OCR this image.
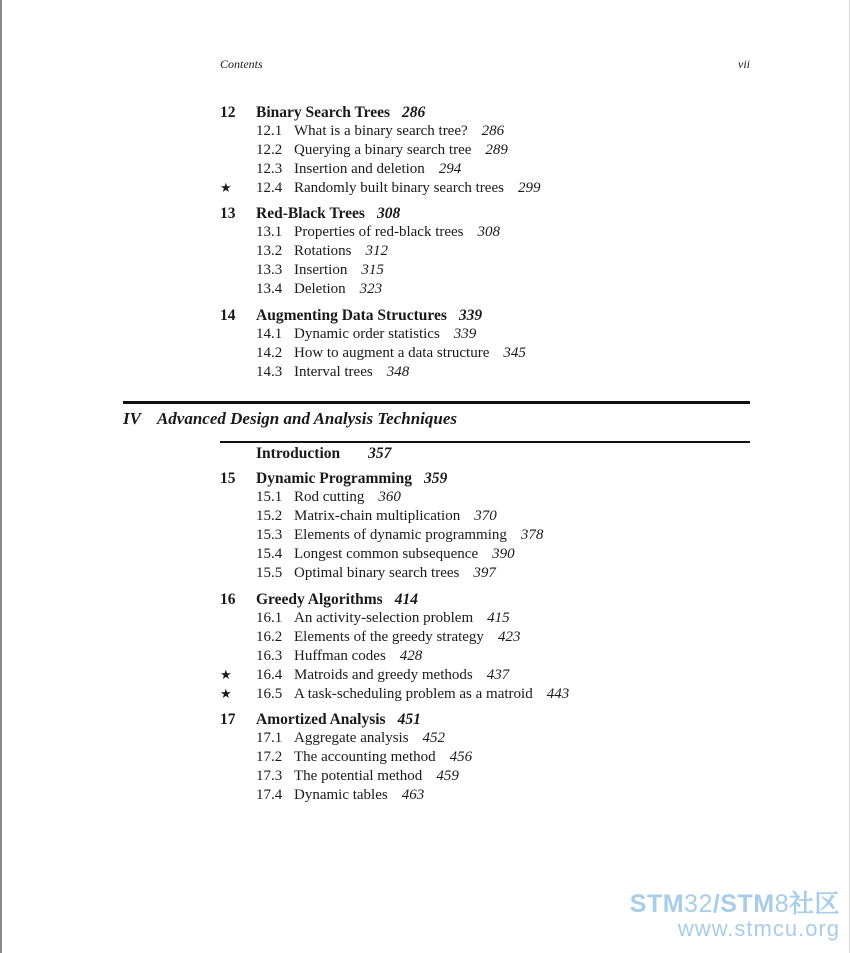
Contents	vii
12 Binary Search Trees 286
12.1 What is a binary search tree? 286
12.2 Querying a binary search tree 289
12.3 Insertion and deletion 294
★ 12.4 Randomly built binary search trees 299
13 Red-Black Trees 308
13.1 Properties of red-black trees 308
13.2 Rotations 312
13.3 Insertion 315
13.4 Deletion 323
14 Augmenting Data Structures 339
14.1 Dynamic order statistics 339
14.2 How to augment a data structure 345
14.3 Interval trees 348
IV Advanced Design and Analysis Techniques
Introduction 357
15 Dynamic Programming 359
15.1 Rod cutting 360
15.2 Matrix-chain multiplication 370
15.3 Elements of dynamic programming 378
15.4 Longest common subsequence 390
15.5 Optimal binary search trees 397
16 Greedy Algorithms 414
16.1 An activity-selection problem 415
16.2 Elements of the greedy strategy 423
16.3 Huffman codes 428
★ 16.4 Matroids and greedy methods 437
★ 16.5 A task-scheduling problem as a matroid 443
17 Amortized Analysis 451
17.1 Aggregate analysis 452
17.2 The accounting method 456
17.3 The potential method 459
17.4 Dynamic tables 463
STM32/STM8社区
www.stmcu.org
